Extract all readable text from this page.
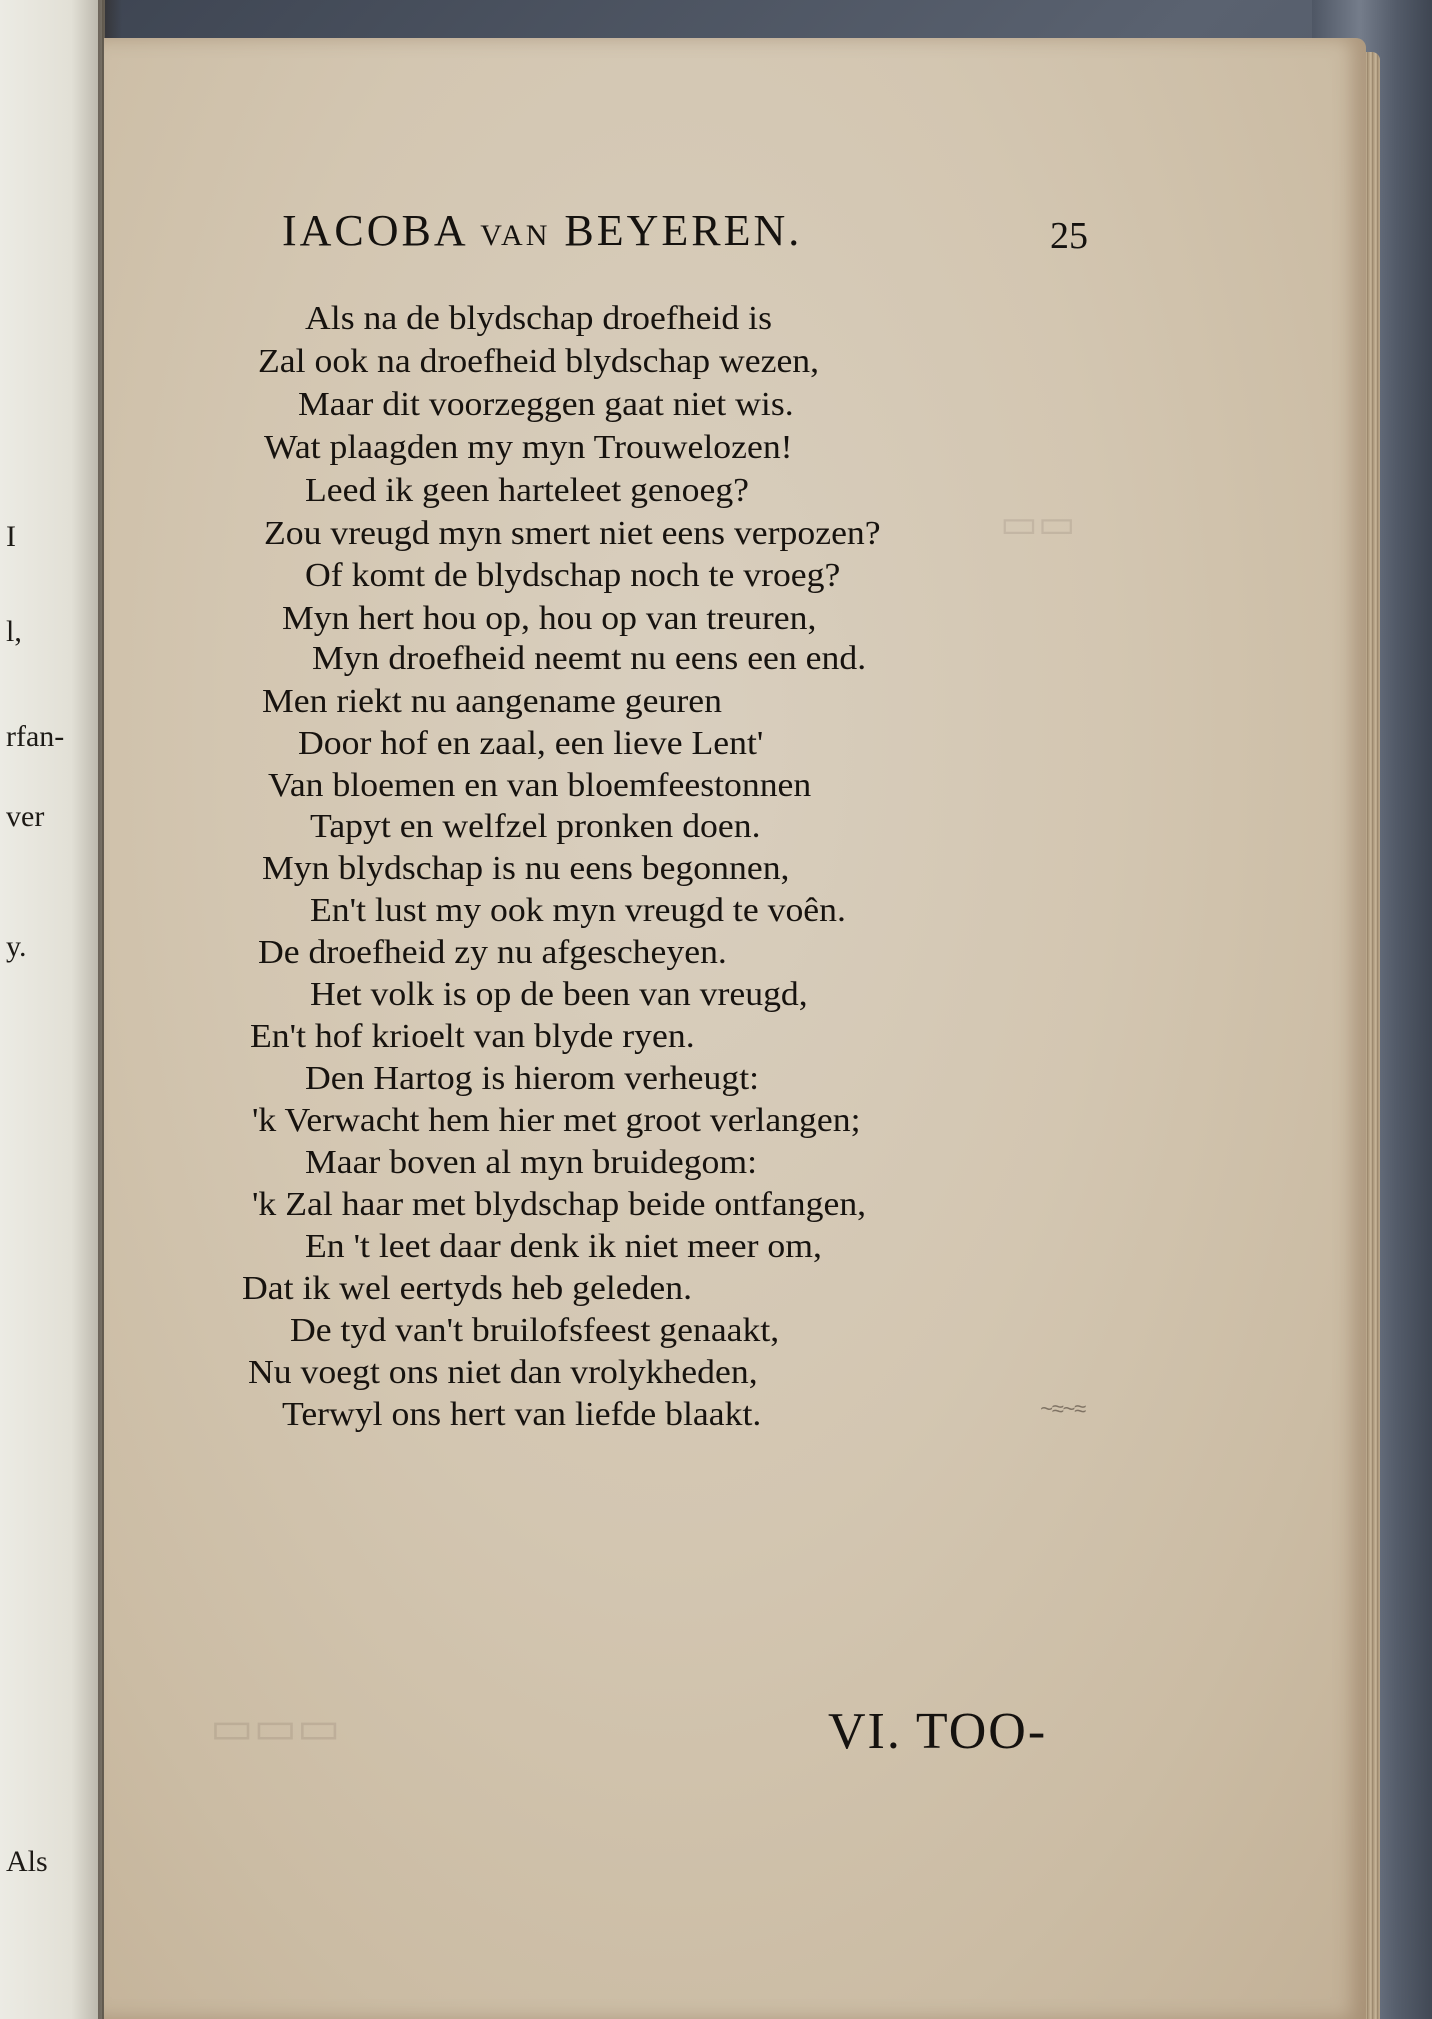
I
l,
rfan-
ver
y.
Als
▭▭
▭▭▭
IACOBA VAN BEYEREN.	25
Als na de blydschap droefheid is
Zal ook na droefheid blydschap wezen,
Maar dit voorzeggen gaat niet wis.
Wat plaagden my myn Trouwelozen!
Leed ik geen harteleet genoeg?
Zou vreugd myn smert niet eens verpozen?
Of komt de blydschap noch te vroeg?
Myn hert hou op, hou op van treuren,
Myn droefheid neemt nu eens een end.
Men riekt nu aangename geuren
Door hof en zaal, een lieve Lent'
Van bloemen en van bloemfeestonnen
Tapyt en welfzel pronken doen.
Myn blydschap is nu eens begonnen,
En't lust my ook myn vreugd te voên.
De droefheid zy nu afgescheyen.
Het volk is op de been van vreugd,
En't hof krioelt van blyde ryen.
Den Hartog is hierom verheugt:
'k Verwacht hem hier met groot verlangen;
Maar boven al myn bruidegom:
'k Zal haar met blydschap beide ontfangen,
En 't leet daar denk ik niet meer om,
Dat ik wel eertyds heb geleden.
De tyd van't bruilofsfeest genaakt,
Nu voegt ons niet dan vrolykheden,
Terwyl ons hert van liefde blaakt.	~≈~≈
VI. TOO-
